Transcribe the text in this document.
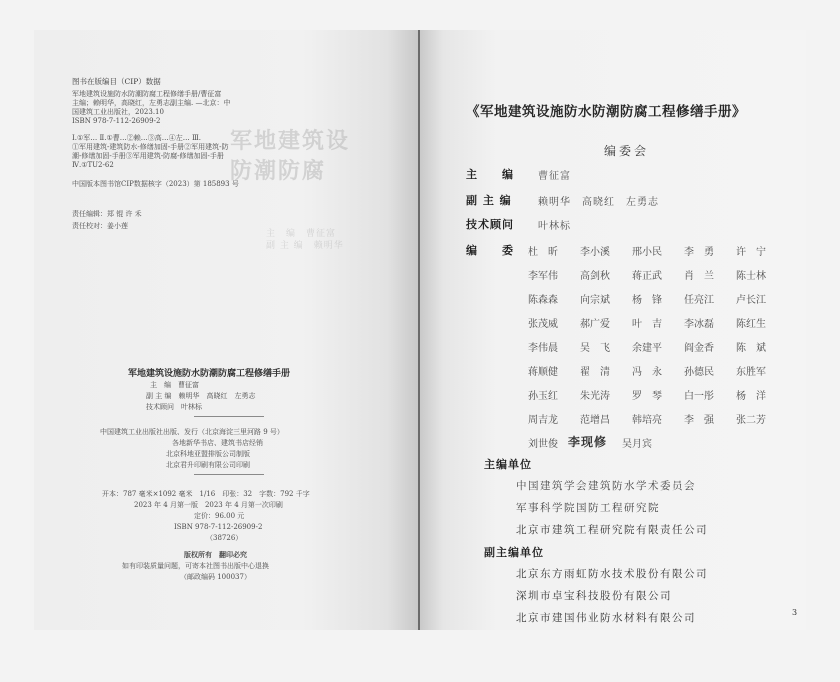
军地建筑设
防潮防腐
主　编　曹征富
副 主 编　赖明华
图书在版编目（CIP）数据
军地建筑设施防水防潮防腐工程修缮手册/曹征富
主编；赖明华，高晓红，左勇志副主编. —北京：中
国建筑工业出版社，2023.10
ISBN 978-7-112-26909-2
Ⅰ.①军… Ⅱ.①曹…②赖…③高…④左… Ⅲ.
①军用建筑-建筑防水-修缮加固-手册②军用建筑-防
潮-修缮加固-手册③军用建筑-防腐-修缮加固-手册
Ⅳ.①TU2-62
中国版本图书馆CIP数据核字（2023）第 185893 号
责任编辑：郑 锟 许 禾
责任校对：姜小莲
军地建筑设施防水防潮防腐工程修缮手册
主　编　曹征富
副 主 编　赖明华　高晓红　左勇志
技术顾问　叶林标
中国建筑工业出版社出版、发行（北京海淀三里河路 9 号）
各地新华书店、建筑书店经销
北京科地亚盟排版公司制版
北京君升印刷有限公司印刷
开本：787 毫米×1092 毫米　1/16　印张：32　字数：792 千字
2023 年 4 月第一版　2023 年 4 月第一次印刷
定价：96.00 元
ISBN 978-7-112-26909-2
（38726）
版权所有　翻印必究
如有印装质量问题，可寄本社图书出版中心退换
（邮政编码 100037）
《军地建筑设施防水防潮防腐工程修缮手册》
编委会
主　　编 曹征富
副 主 编	赖明华　高晓红　左勇志
技术顾问 叶林标
编　　委 杜　昕	李小溪	邢小民	李　勇	许　宁
李军伟	高剑秋	蒋正武	肖　兰	陈士林
陈森森	向宗斌	杨　锋	任亮江	卢长江
张茂威	郝广爱	叶　吉	李冰磊	陈红生
李伟晨	吴　飞	余建平	阎金香	陈　斌
蒋顺健	翟　清	冯　永	孙德民	东胜军
孙玉红	朱光涛	罗　琴	白一彤	杨　洋
周吉龙	范增昌	韩培亮	李　强	张二芳
刘世俊 李现修 吴月宾
主编单位
中国建筑学会建筑防水学术委员会
军事科学院国防工程研究院
北京市建筑工程研究院有限责任公司
副主编单位
北京东方雨虹防水技术股份有限公司
深圳市卓宝科技股份有限公司
北京市建国伟业防水材料有限公司	3
